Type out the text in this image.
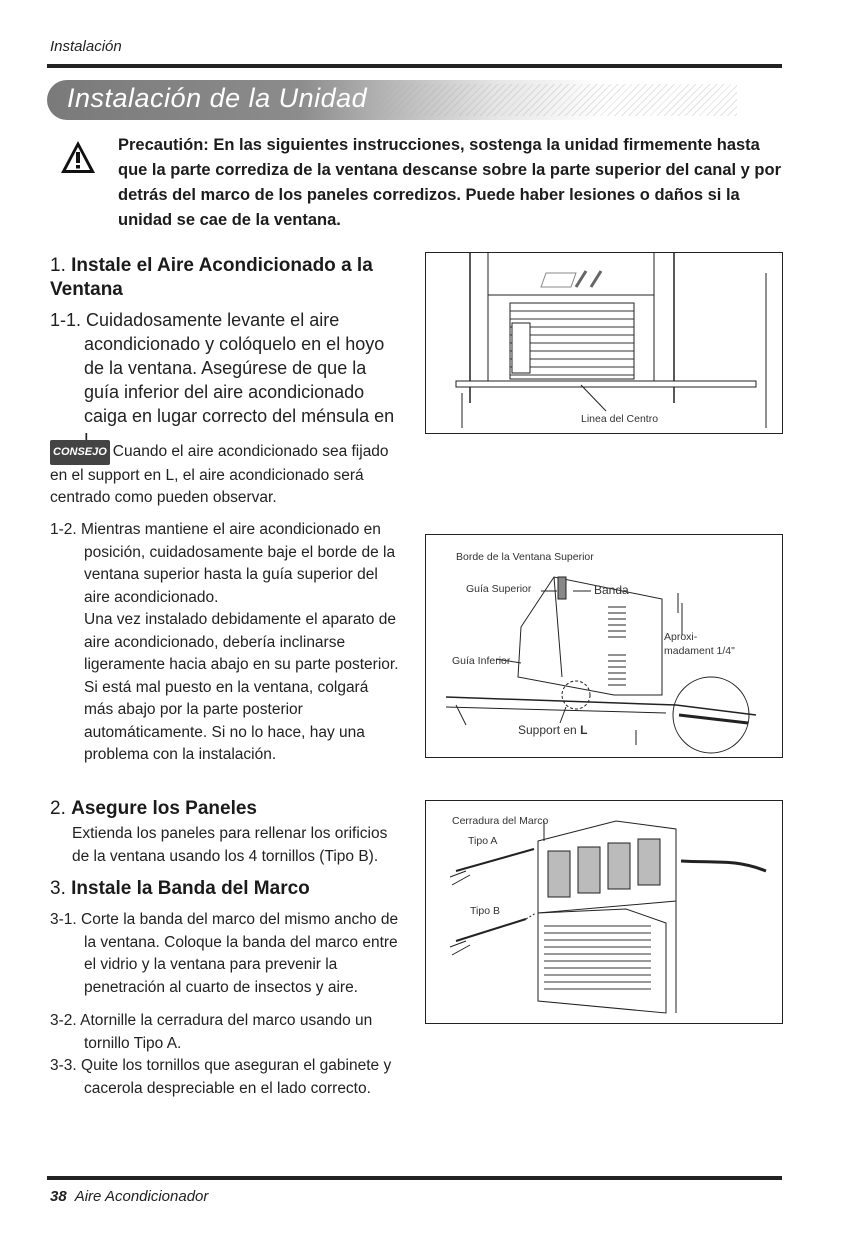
Instalación
Instalación de la Unidad
Precautión: En las siguientes instrucciones, sostenga la unidad firmemente hasta que la parte corrediza de la ventana descanse sobre la parte superior del canal y por detrás del marco de los paneles corredizos. Puede haber lesiones o daños si la unidad se cae de la ventana.
1. Instale el Aire Acondicionado a la Ventana
1-1. Cuidadosamente levante el aire acondicionado y colóquelo en el hoyo de la ventana. Asegúrese de que la guía inferior del aire acondicionado caiga en lugar correcto del ménsula en
CONSEJO Cuando el aire acondicionado sea fijado en el support en L, el aire acondicionado será centrado como pueden observar.
1-2. Mientras mantiene el aire acondicionado en posición, cuidadosamente baje el borde de la ventana superior hasta la guía superior del aire acondicionado.
Una vez instalado debidamente el aparato de aire acondicionado, debería inclinarse ligeramente hacia abajo en su parte posterior. Si está mal puesto en la ventana, colgará más abajo por la parte posterior automáticamente. Si no lo hace, hay una problema con la instalación.
2. Asegure los Paneles
Extienda los paneles para rellenar los orificios de la ventana usando los 4 tornillos (Tipo B).
3. Instale la Banda del Marco
3-1. Corte la banda del marco del mismo ancho de la ventana. Coloque la banda del marco entre el vidrio y la ventana para prevenir la penetración al cuarto de insectos y aire.
3-2. Atornille la cerradura del marco usando un tornillo Tipo A.
3-3. Quite los tornillos que aseguran el gabinete y cacerola despreciable en el lado correcto.
Linea del Centro
Borde de la Ventana Superior
Guía Superior	Banda
Aproxi-
madament 1/4"
Guía Inferior
Support en L
Cerradura del Marco
Tipo A
Tipo B
38 Aire Acondicionador
